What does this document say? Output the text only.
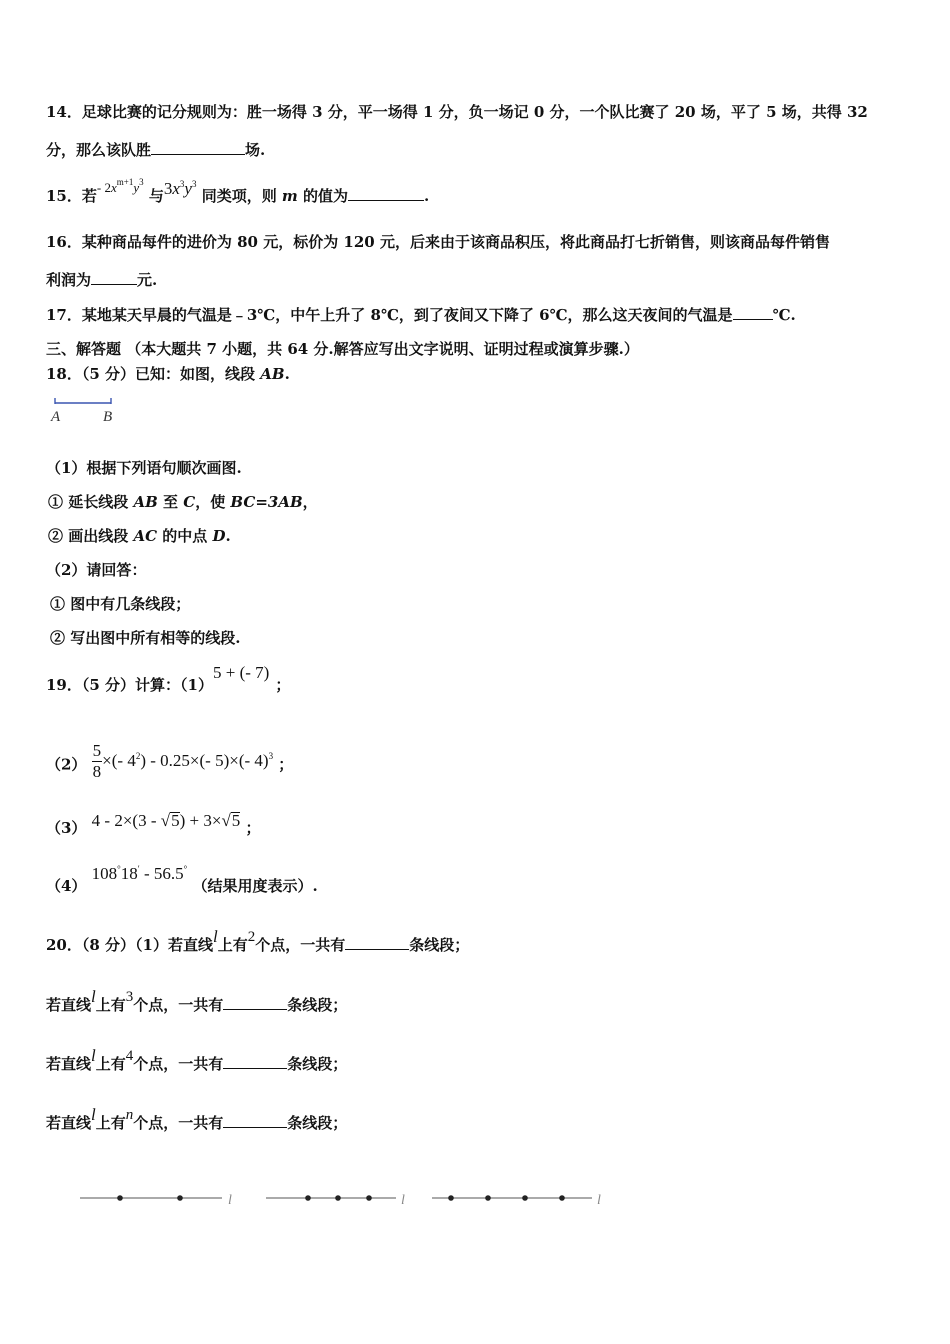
14．足球比赛的记分规则为：胜一场得 3 分，平一场得 1 分，负一场记 0 分，一个队比赛了 20 场，平了 5 场，共得 32
分，那么该队胜	场.
15．若- $2x^{m+1}y^3$ 与$3x^3y^3$ 同类项，则 m 的值为	.
16．某种商品每件的进价为 80 元，标价为 120 元，后来由于该商品积压，将此商品打七折销售，则该商品每件销售
利润为	元.
17．某地某天早晨的气温是﹣3℃，中午上升了 8℃，到了夜间又下降了 6℃，那么这天夜间的气温是	℃.
三、解答题 （本大题共 7 小题，共 64 分.解答应写出文字说明、证明过程或演算步骤.）
18．（5 分）已知：如图，线段 AB.
A	B
（1）根据下列语句顺次画图.
① 延长线段 AB 至 C，使 BC=3AB，
② 画出线段 AC 的中点 D.
（2）请回答：
① 图中有几条线段；
② 写出图中所有相等的线段.
19．（5 分）计算：（1）5 + (- 7)；
$(2) \frac{5}{8}$ ×(- $4^2) - 0.25\times(-$ 5)×(- 4)$^3$ ；
（3） 4 - 2×(3 - √5) + 3×√5 ；
（4） 108°18′ - 56.5° （结果用度表示）.
20．（8 分）（1）若直线l上有2个点，一共有	条线段；
若直线l上有3个点，一共有	条线段；
若直线l上有4个点，一共有	条线段；
若直线l上有n个点，一共有	条线段；
l	l	l
